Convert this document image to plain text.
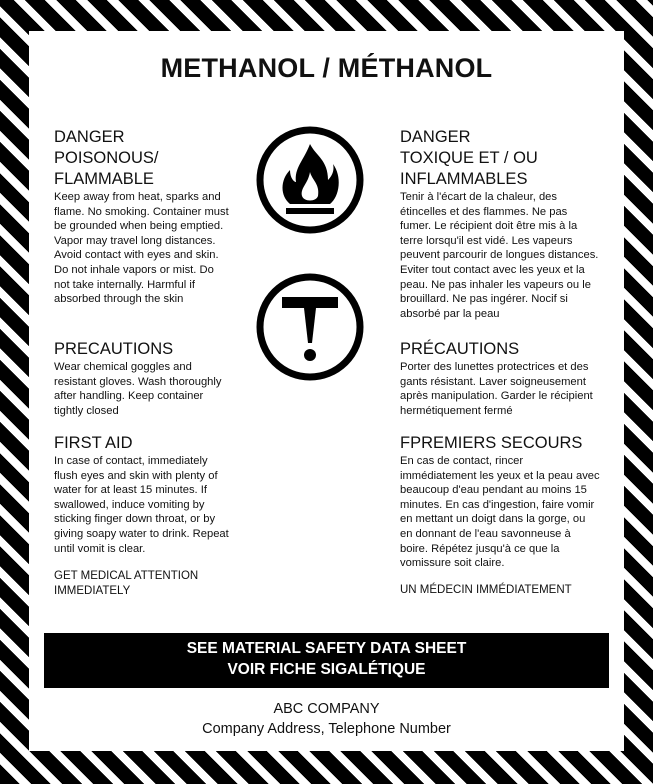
METHANOL / MÉTHANOL
DANGER
POISONOUS/
FLAMMABLE
Keep away from heat, sparks and flame. No smoking. Container must be grounded when being emptied. Vapor may travel long distances. Avoid contact with eyes and skin. Do not inhale vapors or mist. Do not take internally. Harmful if absorbed through the skin
PRECAUTIONS
Wear chemical goggles and resistant gloves. Wash thoroughly after handling. Keep container tightly closed
FIRST AID
In case of contact, immediately flush eyes and skin with plenty of water for at least 15 minutes. If swallowed, induce vomiting by sticking finger down throat, or by giving soapy water to drink. Repeat until vomit is clear.
GET MEDICAL ATTENTION
IMMEDIATELY
DANGER
TOXIQUE ET / OU
INFLAMMABLES
Tenir à l'écart de la chaleur, des étincelles et des flammes. Ne pas fumer. Le récipient doit être mis à la terre lorsqu'il est vidé. Les vapeurs peuvent parcourir de longues distances. Eviter tout contact avec les yeux et la peau. Ne pas inhaler les vapeurs ou le brouillard. Ne pas ingérer. Nocif si absorbé par la peau
PRÉCAUTIONS
Porter des lunettes protectrices et des gants résistant. Laver soigneusement après manipulation. Garder le récipient hermétiquement fermé
FPREMIERS SECOURS
En cas de contact, rincer immédiatement les yeux et la peau avec beaucoup d'eau pendant au moins 15 minutes. En cas d'ingestion, faire vomir en mettant un doigt dans la gorge, ou en donnant de l'eau savonneuse à boire. Répétez jusqu'à ce que la vomissure soit claire.
UN MÉDECIN IMMÉDIATEMENT
SEE MATERIAL SAFETY DATA SHEET
VOIR FICHE SIGALÉTIQUE
ABC COMPANY
Company Address, Telephone Number
